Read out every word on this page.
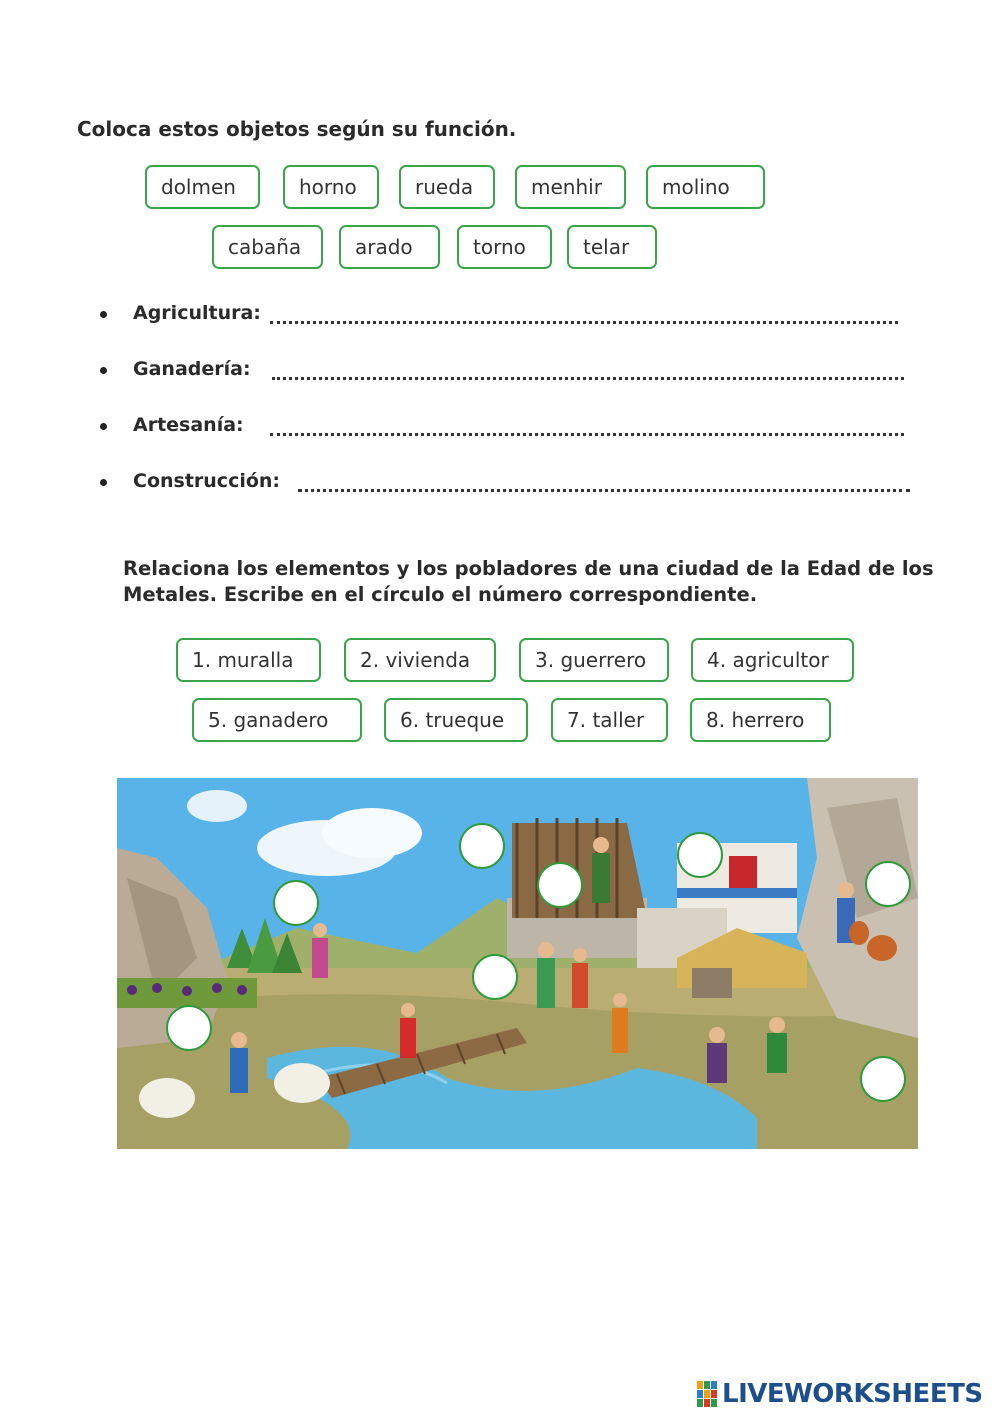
Coloca estos objetos según su función.
dolmen	horno	rueda	menhir	molino
cabaña	arado	torno	telar
Agricultura:
Ganadería:
Artesanía:
Construcción:
Relaciona los elementos y los pobladores de una ciudad de la Edad de los
Metales. Escribe en el círculo el número correspondiente.
1. muralla	2. vivienda	3. guerrero	4. agricultor
5. ganadero	6. trueque	7. taller	8. herrero
LIVEWORKSHEETS
